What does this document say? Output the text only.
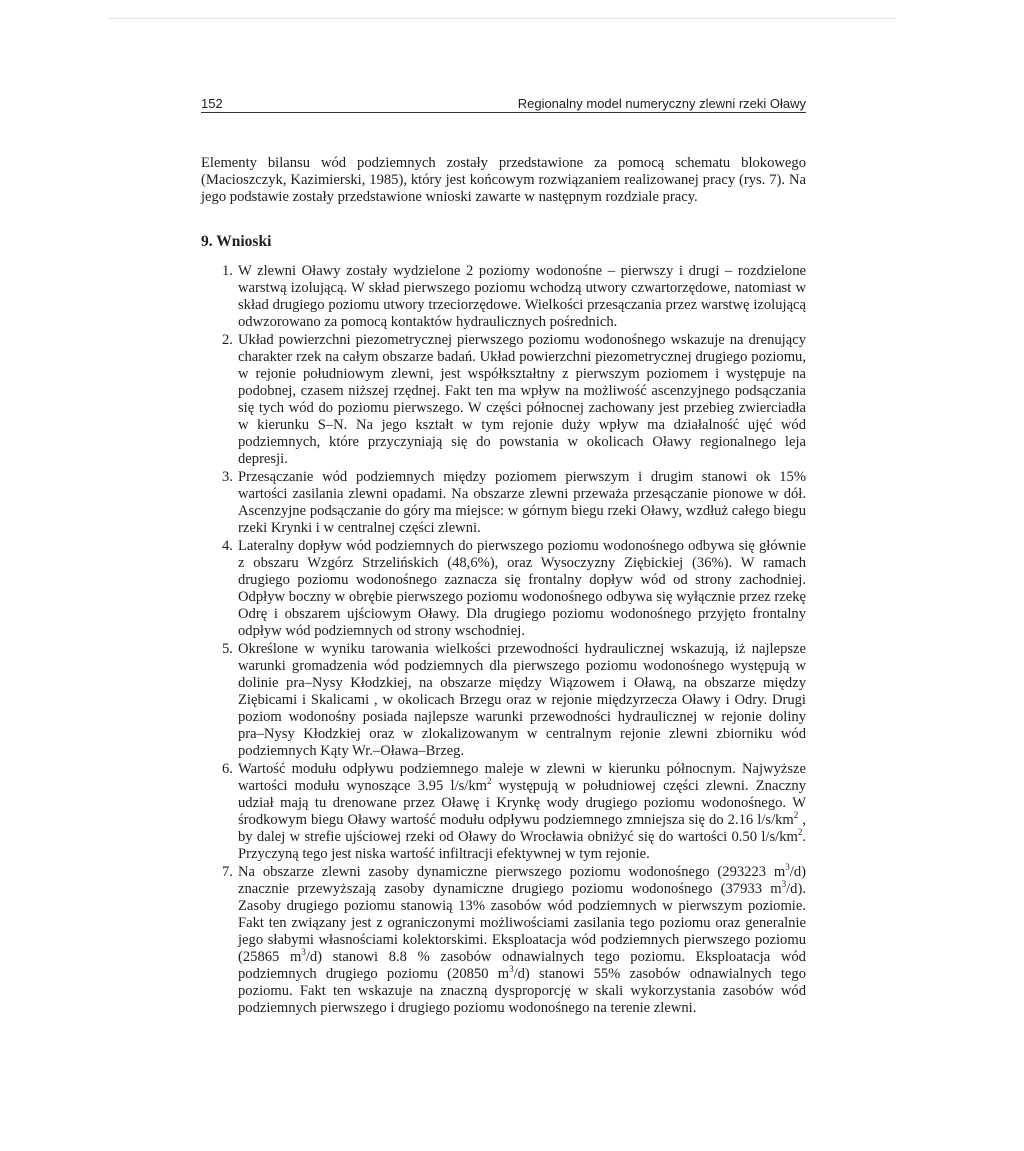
152	Regionalny model numeryczny zlewni rzeki Oławy

Elementy bilansu wód podziemnych zostały przedstawione za pomocą schematu blokowego (Macioszczyk, Kazimierski, 1985), który jest końcowym rozwiązaniem realizowanej pracy (rys. 7). Na jego podstawie zostały przedstawione wnioski zawarte w następnym rozdziale pracy.

9. Wnioski
1. W zlewni Oławy zostały wydzielone 2 poziomy wodonośne – pierwszy i drugi – rozdzielone warstwą izolującą. W skład pierwszego poziomu wchodzą utwory czwartorzędowe, natomiast w skład drugiego poziomu utwory trzeciorzędowe. Wielkości przesączania przez warstwę izolującą odwzorowano za pomocą kontaktów hydraulicznych pośrednich.
2. Układ powierzchni piezometrycznej pierwszego poziomu wodonośnego wskazuje na drenujący charakter rzek na całym obszarze badań. Układ powierzchni piezometrycznej drugiego poziomu, w rejonie południowym zlewni, jest współkształtny z pierwszym poziomem i występuje na podobnej, czasem niższej rzędnej. Fakt ten ma wpływ na możliwość ascenzyjnego podsączania się tych wód do poziomu pierwszego. W części północnej zachowany jest przebieg zwierciadła w kierunku S–N. Na jego kształt w tym rejonie duży wpływ ma działalność ujęć wód podziemnych, które przyczyniają się do powstania w okolicach Oławy regionalnego leja depresji.
3. Przesączanie wód podziemnych między poziomem pierwszym i drugim stanowi ok 15% wartości zasilania zlewni opadami. Na obszarze zlewni przeważa przesączanie pionowe w dół. Ascenzyjne podsączanie do góry ma miejsce: w górnym biegu rzeki Oławy, wzdłuż całego biegu rzeki Krynki i w centralnej części zlewni.
4. Lateralny dopływ wód podziemnych do pierwszego poziomu wodonośnego odbywa się głównie z obszaru Wzgórz Strzelińskich (48,6%), oraz Wysoczyzny Ziębickiej (36%). W ramach drugiego poziomu wodonośnego zaznacza się frontalny dopływ wód od strony zachodniej. Odpływ boczny w obrębie pierwszego poziomu wodonośnego odbywa się wyłącznie przez rzekę Odrę i obszarem ujściowym Oławy. Dla drugiego poziomu wodonośnego przyjęto frontalny odpływ wód podziemnych od strony wschodniej.
5. Określone w wyniku tarowania wielkości przewodności hydraulicznej wskazują, iż najlepsze warunki gromadzenia wód podziemnych dla pierwszego poziomu wodonośnego występują w dolinie pra–Nysy Kłodzkiej, na obszarze między Wiązowem i Oławą, na obszarze między Ziębicami i Skalicami , w okolicach Brzegu oraz w rejonie międzyrzecza Oławy i Odry. Drugi poziom wodonośny posiada najlepsze warunki przewodności hydraulicznej w rejonie doliny pra–Nysy Kłodzkiej oraz w zlokalizowanym w centralnym rejonie zlewni zbiorniku wód podziemnych Kąty Wr.–Oława–Brzeg.
6. Wartość modułu odpływu podziemnego maleje w zlewni w kierunku północnym. Najwyższe wartości modułu wynoszące 3.95 $l/s/km^2$ występują w południowej części zlewni. Znaczny udział mają tu drenowane przez Oławę i Krynkę wody drugiego poziomu wodonośnego. W środkowym biegu Oławy wartość modułu odpływu podziemnego zmniejsza się do 2.16 $l/s/km^2$ , by dalej w strefie ujściowej rzeki od Oławy do Wrocławia obniżyć się do wartości 0.50 $l/s/km^2$. Przyczyną tego jest niska wartość infiltracji efektywnej w tym rejonie.
7. Na obszarze zlewni zasoby dynamiczne pierwszego poziomu wodonośnego (293223 $m^3/d$) znacznie przewyższają zasoby dynamiczne drugiego poziomu wodonośnego (37933 $m^3/d$). Zasoby drugiego poziomu stanowią 13% zasobów wód podziemnych w pierwszym poziomie. Fakt ten związany jest z ograniczonymi możliwościami zasilania tego poziomu oraz generalnie jego słabymi własnościami kolektorskimi. Eksploatacja wód podziemnych pierwszego poziomu (25865 $m^3/d$) stanowi 8.8 % zasobów odnawialnych tego poziomu. Eksploatacja wód podziemnych drugiego poziomu (20850 $m^3/d$) stanowi 55% zasobów odnawialnych tego poziomu. Fakt ten wskazuje na znaczną dysproporcję w skali wykorzystania zasobów wód podziemnych pierwszego i drugiego poziomu wodonośnego na terenie zlewni.
